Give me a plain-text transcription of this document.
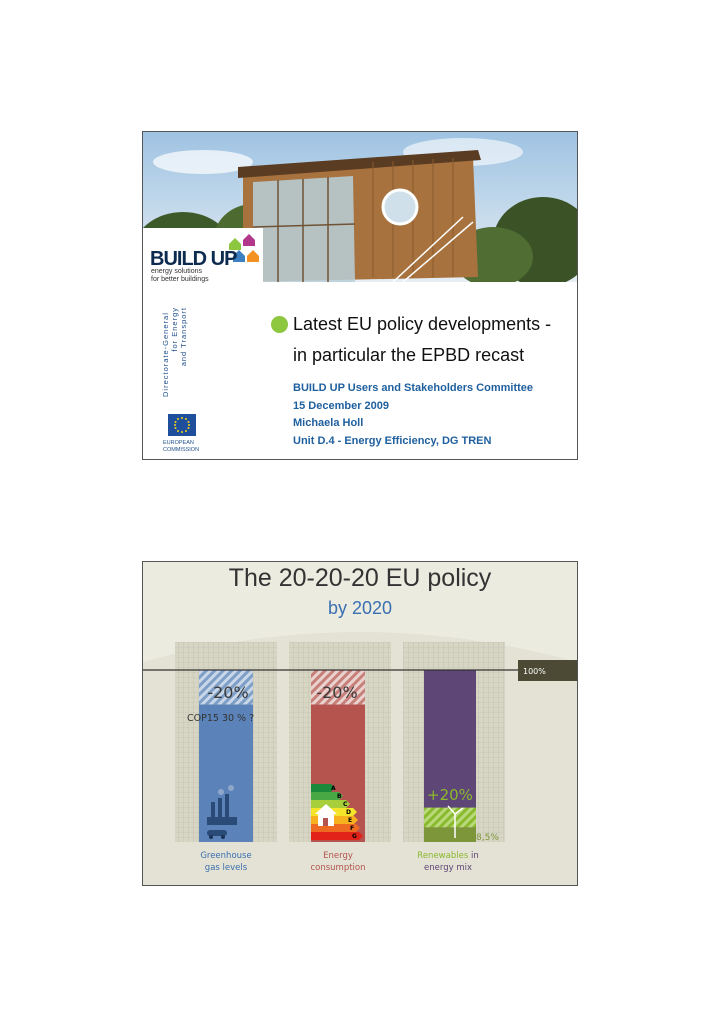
BUILD UP
energy solutions
for better buildings
Directorate-General for Energy and Transport
EUROPEAN
COMMISSION
Latest EU policy developments -
in particular the EPBD recast
BUILD UP Users and Stakeholders Committee
15 December 2009
Michaela Holl
Unit D.4 - Energy Efficiency, DG TREN
The 20-20-20 EU policy
by 2020
100%
A
B
C
D
E
F
G
-20%	-20%
+20%
8,5%
COP15 30 % ?
Greenhouse
gas levels
Energy
consumption
Renewables in
energy mix
